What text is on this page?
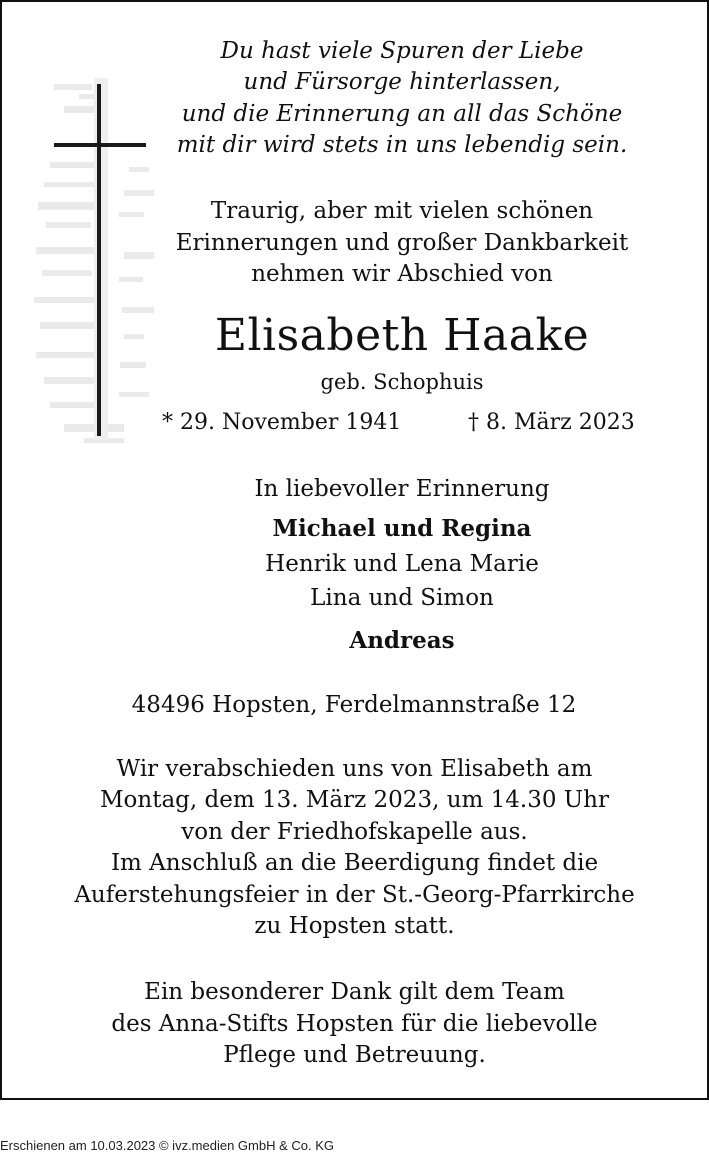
Du hast viele Spuren der Liebe
und Fürsorge hinterlassen,
und die Erinnerung an all das Schöne
mit dir wird stets in uns lebendig sein.
Traurig, aber mit vielen schönen
Erinnerungen und großer Dankbarkeit
nehmen wir Abschied von
Elisabeth Haake
geb. Schophuis
* 29. November 1941	† 8. März 2023
In liebevoller Erinnerung
Michael und Regina
Henrik und Lena Marie
Lina und Simon
Andreas
48496 Hopsten, Ferdelmannstraße 12
Wir verabschieden uns von Elisabeth am
Montag, dem 13. März 2023, um 14.30 Uhr
von der Friedhofskapelle aus.
Im Anschluß an die Beerdigung findet die
Auferstehungsfeier in der St.-Georg-Pfarrkirche
zu Hopsten statt.
Ein besonderer Dank gilt dem Team
des Anna-Stifts Hopsten für die liebevolle
Pflege und Betreuung.
Erschienen am 10.03.2023 © ivz.medien GmbH & Co. KG
